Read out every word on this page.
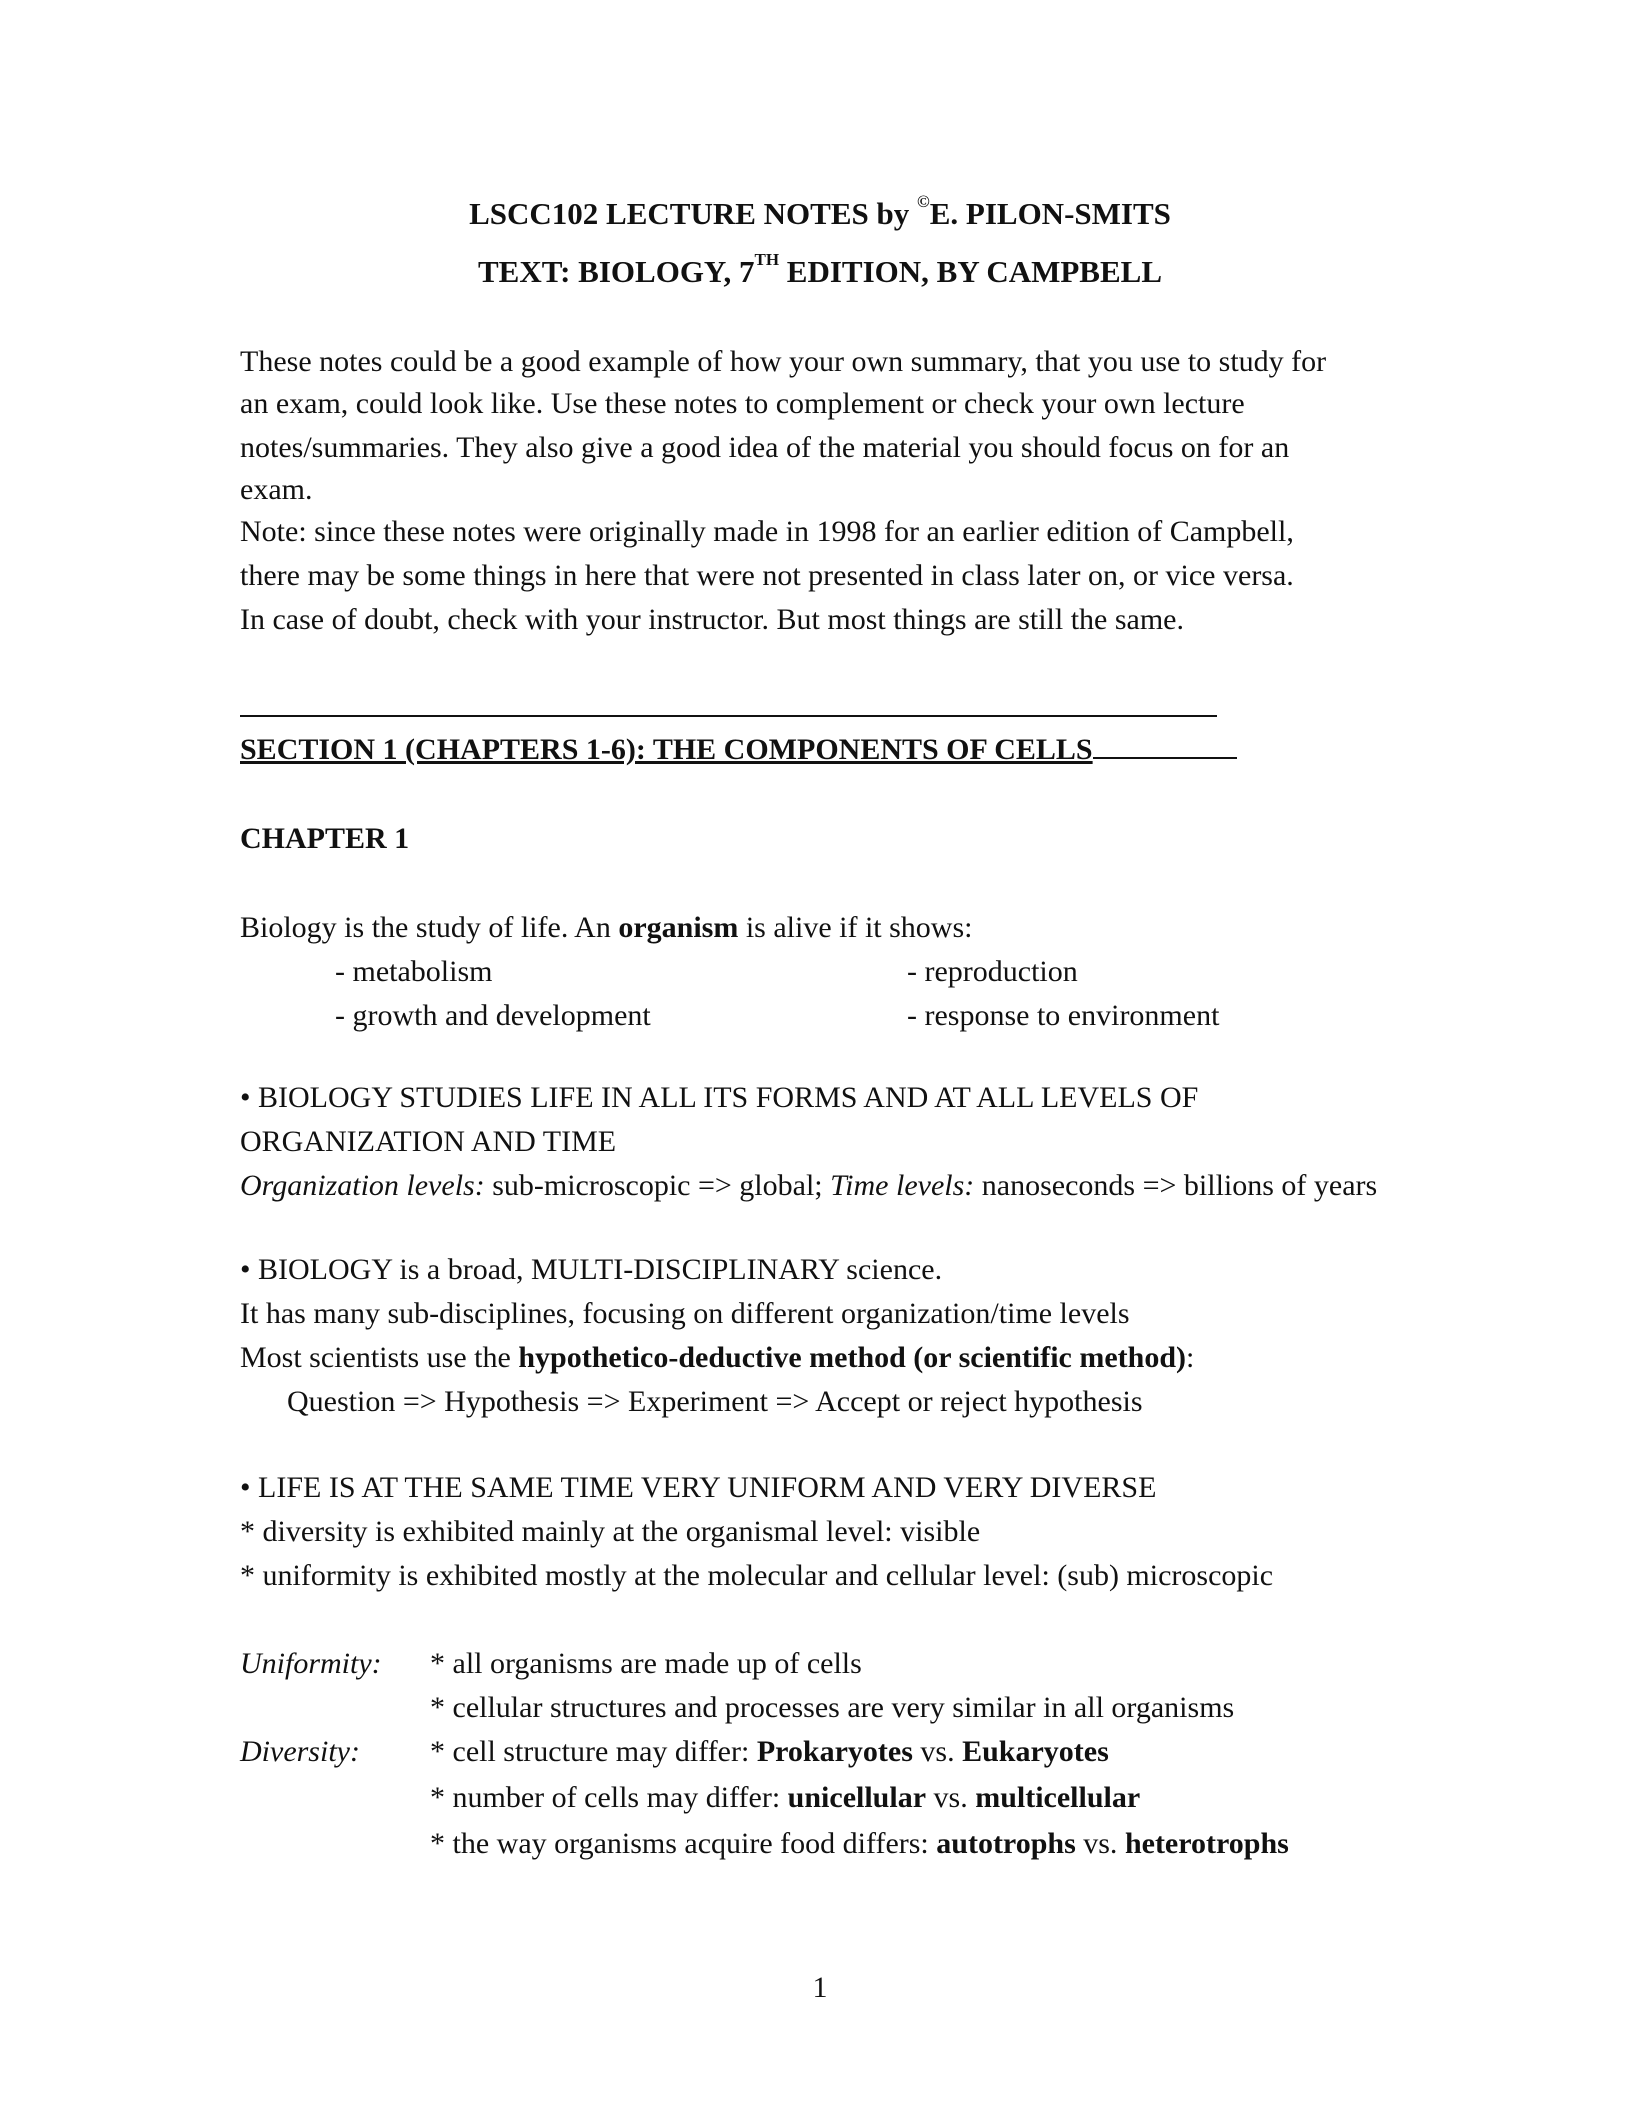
LSCC102 LECTURE NOTES by ©E. PILON-SMITS
TEXT: BIOLOGY, 7TH EDITION, BY CAMPBELL
These notes could be a good example of how your own summary, that you use to study for
an exam, could look like. Use these notes to complement or check your own lecture
notes/summaries. They also give a good idea of the material you should focus on for an
exam.
Note: since these notes were originally made in 1998 for an earlier edition of Campbell,
there may be some things in here that were not presented in class later on, or vice versa.
In case of doubt, check with your instructor. But most things are still the same.
SECTION 1 (CHAPTERS 1-6): THE COMPONENTS OF CELLS
CHAPTER 1
Biology is the study of life. An organism is alive if it shows:
- metabolism	- reproduction
- growth and development	- response to environment
• BIOLOGY STUDIES LIFE IN ALL ITS FORMS AND AT ALL LEVELS OF
ORGANIZATION AND TIME
Organization levels: sub-microscopic => global; Time levels: nanoseconds => billions of years
• BIOLOGY is a broad, MULTI-DISCIPLINARY science.
It has many sub-disciplines, focusing on different organization/time levels
Most scientists use the hypothetico-deductive method (or scientific method):
Question => Hypothesis => Experiment => Accept or reject hypothesis
• LIFE IS AT THE SAME TIME VERY UNIFORM AND VERY DIVERSE
* diversity is exhibited mainly at the organismal level: visible
* uniformity is exhibited mostly at the molecular and cellular level: (sub) microscopic
Uniformity: * all organisms are made up of cells
* cellular structures and processes are very similar in all organisms
Diversity: * cell structure may differ: Prokaryotes vs. Eukaryotes
* number of cells may differ: unicellular vs. multicellular
* the way organisms acquire food differs: autotrophs vs. heterotrophs
1
